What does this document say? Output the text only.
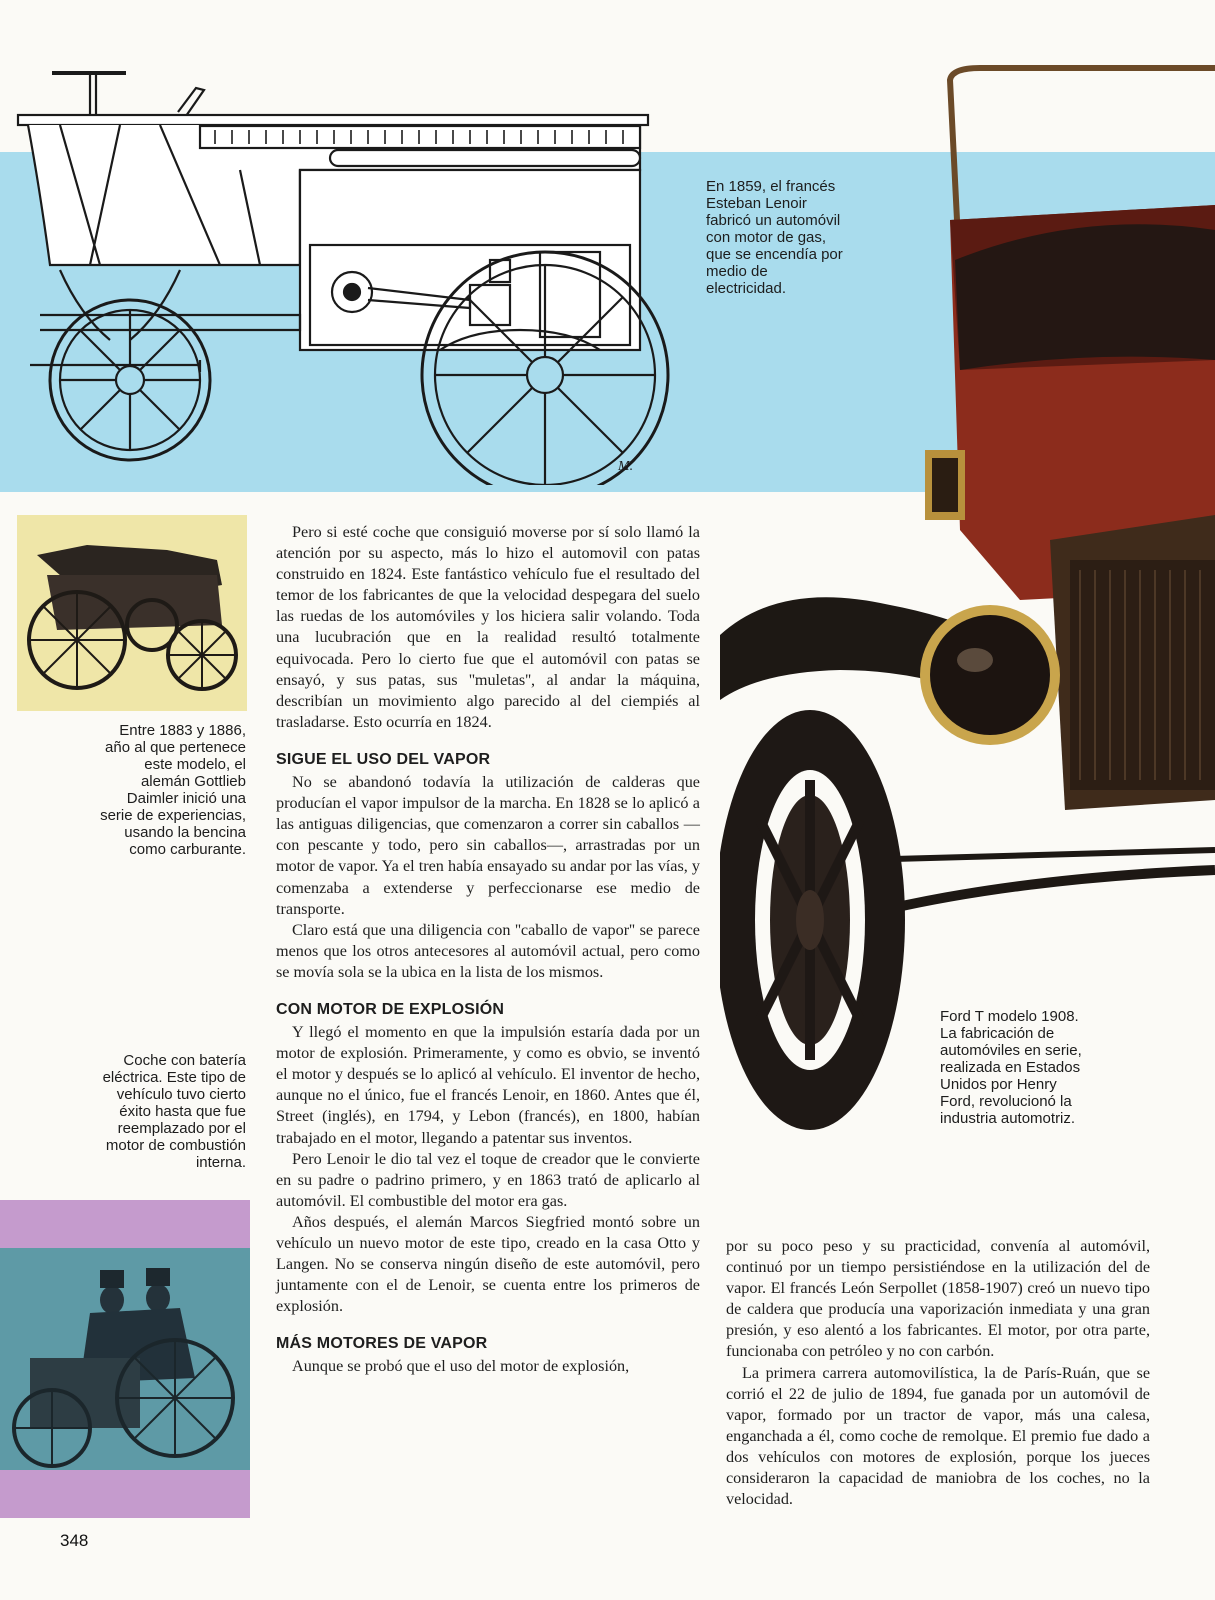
M.

En 1859, el francés Esteban Lenoir fabricó un automóvil con motor de gas, que se encendía por medio de electricidad.

Entre 1883 y 1886, año al que pertenece este modelo, el alemán Gottlieb Daimler inició una serie de experiencias, usando la bencina como carburante.

Coche con batería eléctrica. Este tipo de vehículo tuvo cierto éxito hasta que fue reemplazado por el motor de combustión interna.

Pero si esté coche que consiguió moverse por sí solo llamó la atención por su aspecto, más lo hizo el automovil con patas construido en 1824. Este fantástico vehículo fue el resultado del temor de los fabricantes de que la velocidad despegara del suelo las ruedas de los automóviles y los hiciera salir volando. Toda una lucubración que en la realidad resultó totalmente equivocada. Pero lo cierto fue que el automóvil con patas se ensayó, y sus patas, sus ''muletas'', al andar la máquina, describían un movimiento algo parecido al del ciempiés al trasladarse. Esto ocurría en 1824.

SIGUE EL USO DEL VAPOR

No se abandonó todavía la utilización de calderas que producían el vapor impulsor de la marcha. En 1828 se lo aplicó a las antiguas diligencias, que comenzaron a correr sin caballos —con pescante y todo, pero sin caballos—, arrastradas por un motor de vapor. Ya el tren había ensayado su andar por las vías, y comenzaba a extenderse y perfeccionarse ese medio de transporte.

Claro está que una diligencia con ''caballo de vapor'' se parece menos que los otros antecesores al automóvil actual, pero como se movía sola se la ubica en la lista de los mismos.

CON MOTOR DE EXPLOSIÓN

Y llegó el momento en que la impulsión estaría dada por un motor de explosión. Primeramente, y como es obvio, se inventó el motor y después se lo aplicó al vehículo. El inventor de hecho, aunque no el único, fue el francés Lenoir, en 1860. Antes que él, Street (inglés), en 1794, y Lebon (francés), en 1800, habían trabajado en el motor, llegando a patentar sus inventos.

Pero Lenoir le dio tal vez el toque de creador que le convierte en su padre o padrino primero, y en 1863 trató de aplicarlo al automóvil. El combustible del motor era gas.

Años después, el alemán Marcos Siegfried montó sobre un vehículo un nuevo motor de este tipo, creado en la casa Otto y Langen. No se conserva ningún diseño de este automóvil, pero juntamente con el de Lenoir, se cuenta entre los primeros de explosión.

MÁS MOTORES DE VAPOR

Aunque se probó que el uso del motor de explosión,

Ford T modelo 1908. La fabricación de automóviles en serie, realizada en Estados Unidos por Henry Ford, revolucionó la industria automotriz.

por su poco peso y su practicidad, convenía al automóvil, continuó por un tiempo persistiéndose en la utilización del de vapor. El francés León Serpollet (1858-1907) creó un nuevo tipo de caldera que producía una vaporización inmediata y una gran presión, y eso alentó a los fabricantes. El motor, por otra parte, funcionaba con petróleo y no con carbón.

La primera carrera automovilística, la de París-Ruán, que se corrió el 22 de julio de 1894, fue ganada por un automóvil de vapor, formado por un tractor de vapor, más una calesa, enganchada a él, como coche de remolque. El premio fue dado a dos vehículos con motores de explosión, porque los jueces consideraron la capacidad de maniobra de los coches, no la velocidad.

348
